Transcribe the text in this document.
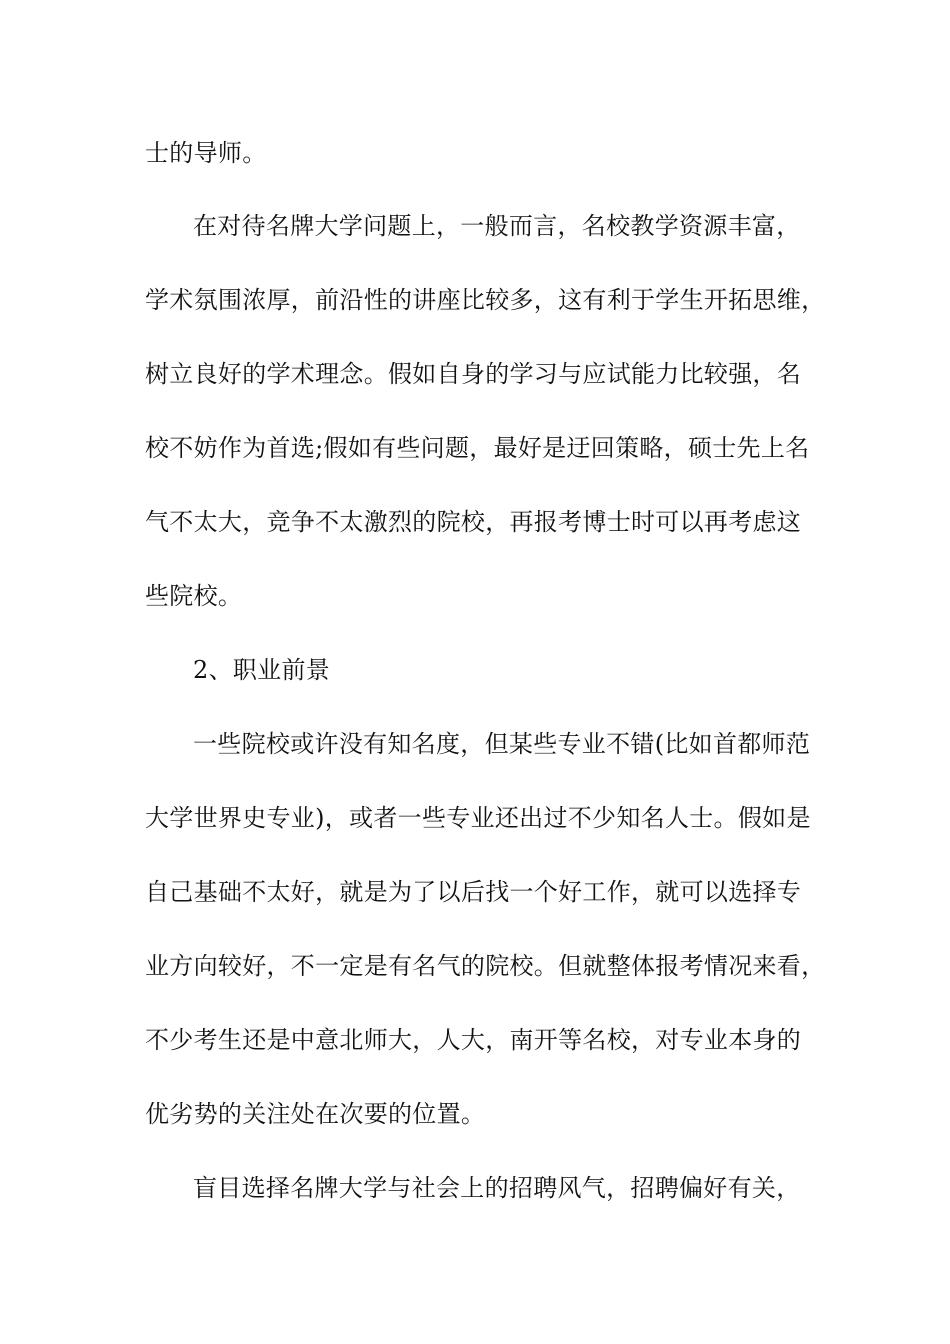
士的导师。
在对待名牌大学问题上，一般而言，名校教学资源丰富，
学术氛围浓厚，前沿性的讲座比较多，这有利于学生开拓思维，
树立良好的学术理念。假如自身的学习与应试能力比较强，名
校不妨作为首选;假如有些问题，最好是迂回策略，硕士先上名
气不太大，竞争不太激烈的院校，再报考博士时可以再考虑这
些院校。
2、职业前景
一些院校或许没有知名度，但某些专业不错(比如首都师范
大学世界史专业)，或者一些专业还出过不少知名人士。假如是
自己基础不太好，就是为了以后找一个好工作，就可以选择专
业方向较好，不一定是有名气的院校。但就整体报考情况来看，
不少考生还是中意北师大，人大，南开等名校，对专业本身的
优劣势的关注处在次要的位置。
盲目选择名牌大学与社会上的招聘风气，招聘偏好有关，
